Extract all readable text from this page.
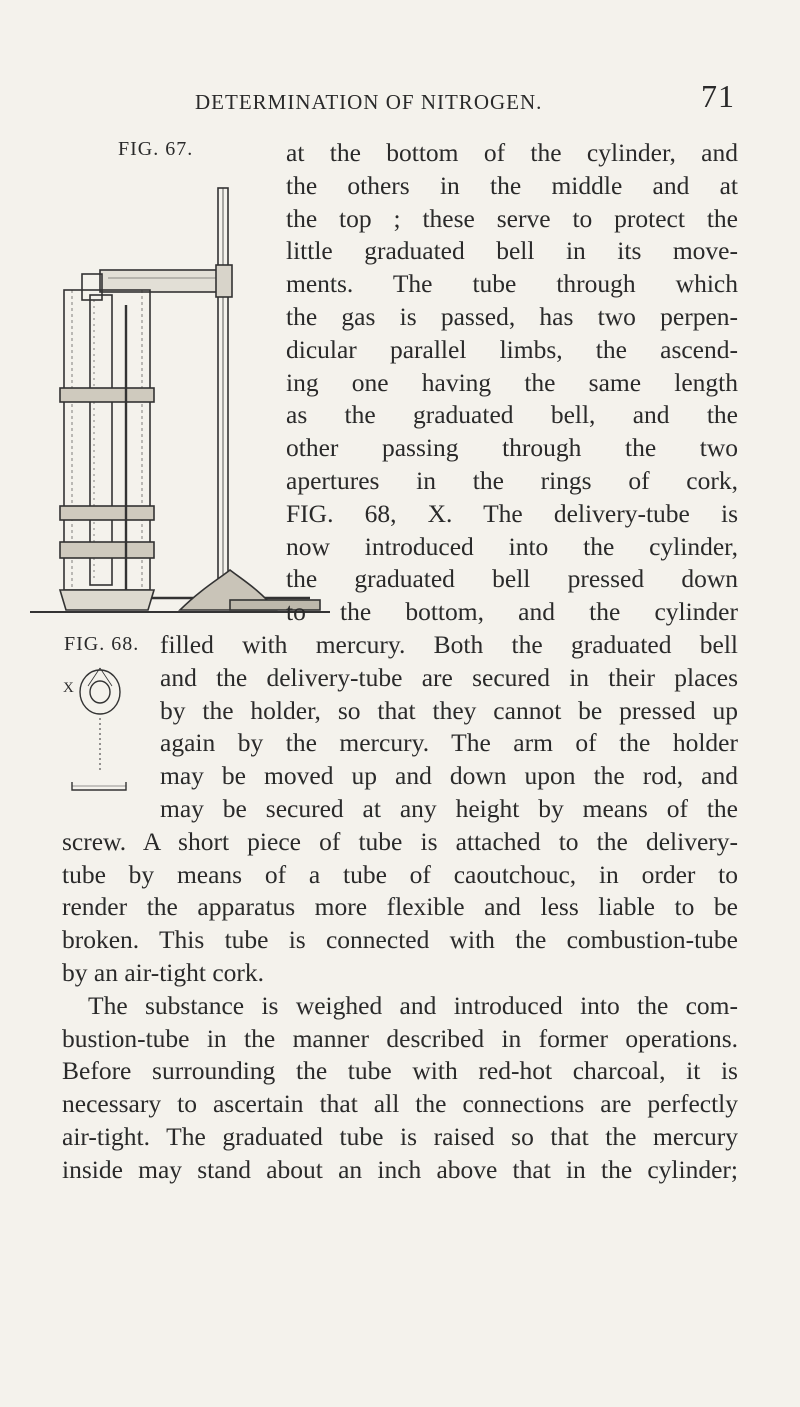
DETERMINATION OF NITROGEN.	71
FIG. 67.	at the bottom of the cylinder, and

the others in the middle and at

the top ; these serve to protect the

little graduated bell in its move-

ments. The tube through which

the gas is passed, has two perpen-

dicular parallel limbs, the ascend-

ing one having the same length

as the graduated bell, and the

other passing through the two

apertures in the rings of cork,

FIG. 68, X. The delivery-tube is

now introduced into the cylinder,

the graduated bell pressed down

to the bottom, and the cylinder

FIG. 68.
X

filled with mercury. Both the graduated bell

and the delivery-tube are secured in their places

by the holder, so that they cannot be pressed up

again by the mercury. The arm of the holder

may be moved up and down upon the rod, and

may be secured at any height by means of the

screw. A short piece of tube is attached to the delivery-

tube by means of a tube of caoutchouc, in order to

render the apparatus more flexible and less liable to be

broken. This tube is connected with the combustion-tube

by an air-tight cork.

The substance is weighed and introduced into the com-

bustion-tube in the manner described in former operations.

Before surrounding the tube with red-hot charcoal, it is

necessary to ascertain that all the connections are perfectly

air-tight. The graduated tube is raised so that the mercury

inside may stand about an inch above that in the cylinder;
